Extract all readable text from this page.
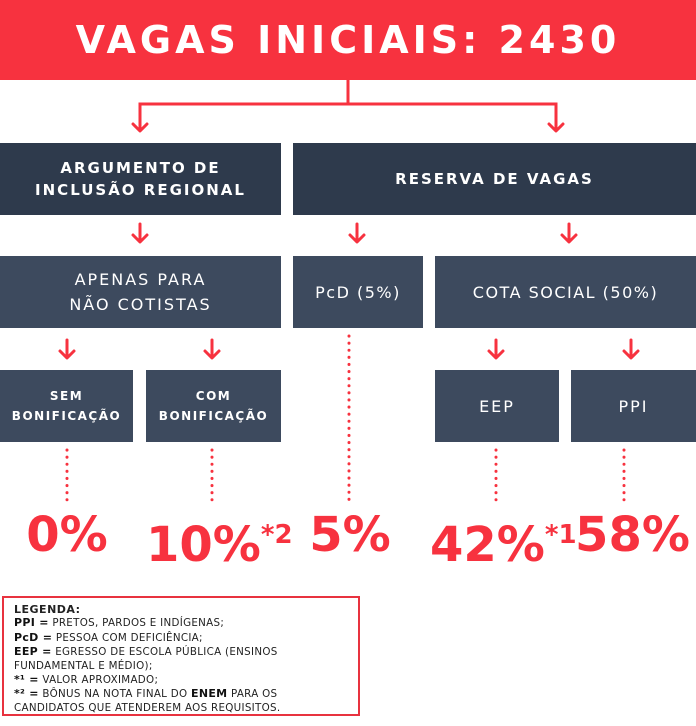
VAGAS INICIAIS: 2430
ARGUMENTO DE
INCLUSÃO REGIONAL
RESERVA DE VAGAS
APENAS PARA
NÃO COTISTAS
PcD (5%)	COTA SOCIAL (50%)
SEM
BONIFICAÇÃO
COM
BONIFICAÇÃO
EEP	PPI
0% 10%$^{*2}$ 5% 42%$^{*1}$
58%
LEGENDA:
PPI = PRETOS, PARDOS E INDÍGENAS;
PcD = PESSOA COM DEFICIÊNCIA;
EEP = EGRESSO DE ESCOLA PÚBLICA (ENSINOS FUNDAMENTAL E MÉDIO);
*¹ = VALOR APROXIMADO;
*² = BÔNUS NA NOTA FINAL DO ENEM PARA OS CANDIDATOS QUE ATENDEREM AOS REQUISITOS.
